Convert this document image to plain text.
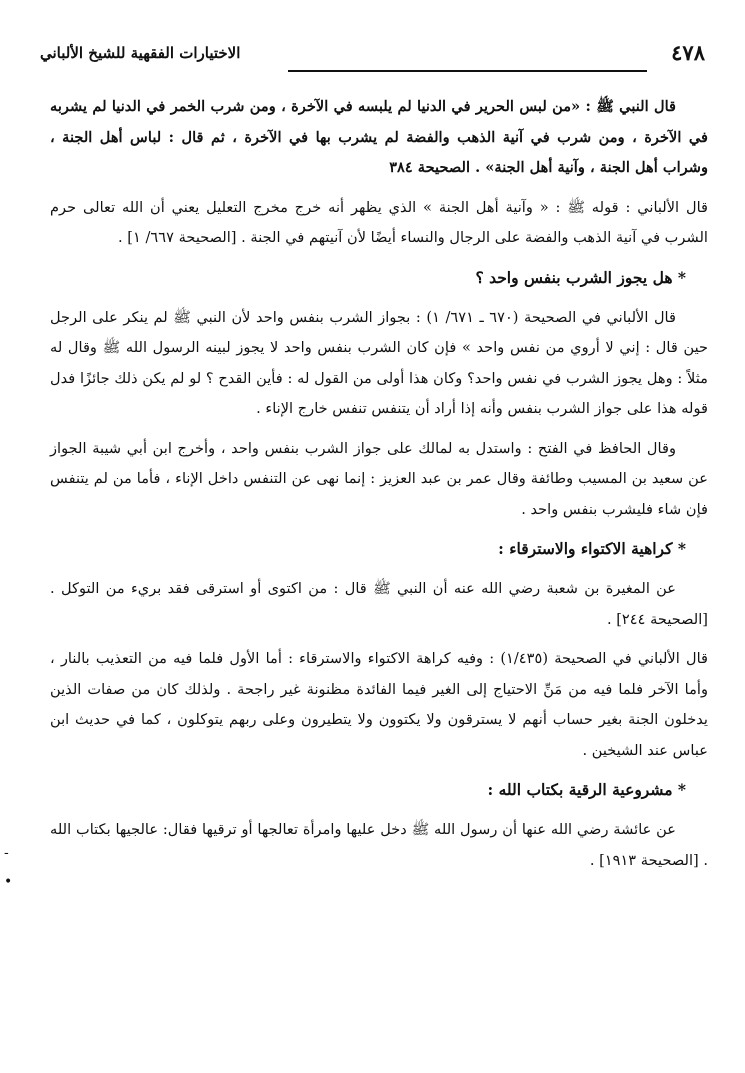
٤٧٨
الاختيارات الفقهية للشيخ الألباني

قال النبي ﷺ : «من لبس الحرير في الدنيا لم يلبسه في الآخرة ، ومن شرب الخمر في الدنيا لم يشربه في الآخرة ، ومن شرب في آنية الذهب والفضة لم يشرب بها في الآخرة ، ثم قال : لباس أهل الجنة ، وشراب أهل الجنة ، وآنية أهل الجنة» . الصحيحة ٣٨٤

قال الألباني : قوله ﷺ : « وآنية أهل الجنة » الذي يظهر أنه خرج مخرج التعليل يعني أن الله تعالى حرم الشرب في آنية الذهب والفضة على الرجال والنساء أيضًا لأن آنيتهم في الجنة . [الصحيحة ٦٦٧/ ١] .

* هل يجوز الشرب بنفس واحد ؟

قال الألباني في الصحيحة (٦٧٠ ـ ٦٧١/ ١) : بجواز الشرب بنفس واحد لأن النبي ﷺ لم ينكر على الرجل حين قال : إني لا أروي من نفس واحد » فإن كان الشرب بنفس واحد لا يجوز لبينه الرسول الله ﷺ وقال له مثلاً : وهل يجوز الشرب في نفس واحد؟ وكان هذا أولى من القول له : فأين القدح ؟ لو لم يكن ذلك جائزًا فدل قوله هذا على جواز الشرب بنفس وأنه إذا أراد أن يتنفس تنفس خارج الإناء .

وقال الحافظ في الفتح : واستدل به لمالك على جواز الشرب بنفس واحد ، وأخرج ابن أبي شيبة الجواز عن سعيد بن المسيب وطائفة وقال عمر بن عبد العزيز : إنما نهى عن التنفس داخل الإناء ، فأما من لم يتنفس فإن شاء فليشرب بنفس واحد .

* كراهية الاكتواء والاسترقاء :

عن المغيرة بن شعبة رضي الله عنه أن النبي ﷺ قال : من اكتوى أو استرقى فقد بريء من التوكل . [الصحيحة ٢٤٤] .

قال الألباني في الصحيحة (١/٤٣٥) : وفيه كراهة الاكتواء والاسترقاء : أما الأول فلما فيه من التعذيب بالنار ، وأما الآخر فلما فيه من مَنِّ الاحتياج إلى الغير فيما الفائدة مظنونة غير راجحة . ولذلك كان من صفات الذين يدخلون الجنة بغير حساب أنهم لا يسترقون ولا يكتوون ولا يتطيرون وعلى ربهم يتوكلون ، كما في حديث ابن عباس عند الشيخين .

* مشروعية الرقية بكتاب الله :

عن عائشة رضي الله عنها أن رسول الله ﷺ دخل عليها وامرأة تعالجها أو ترقيها فقال: عالجيها بكتاب الله . [الصحيحة ١٩١٣] .

-
•
